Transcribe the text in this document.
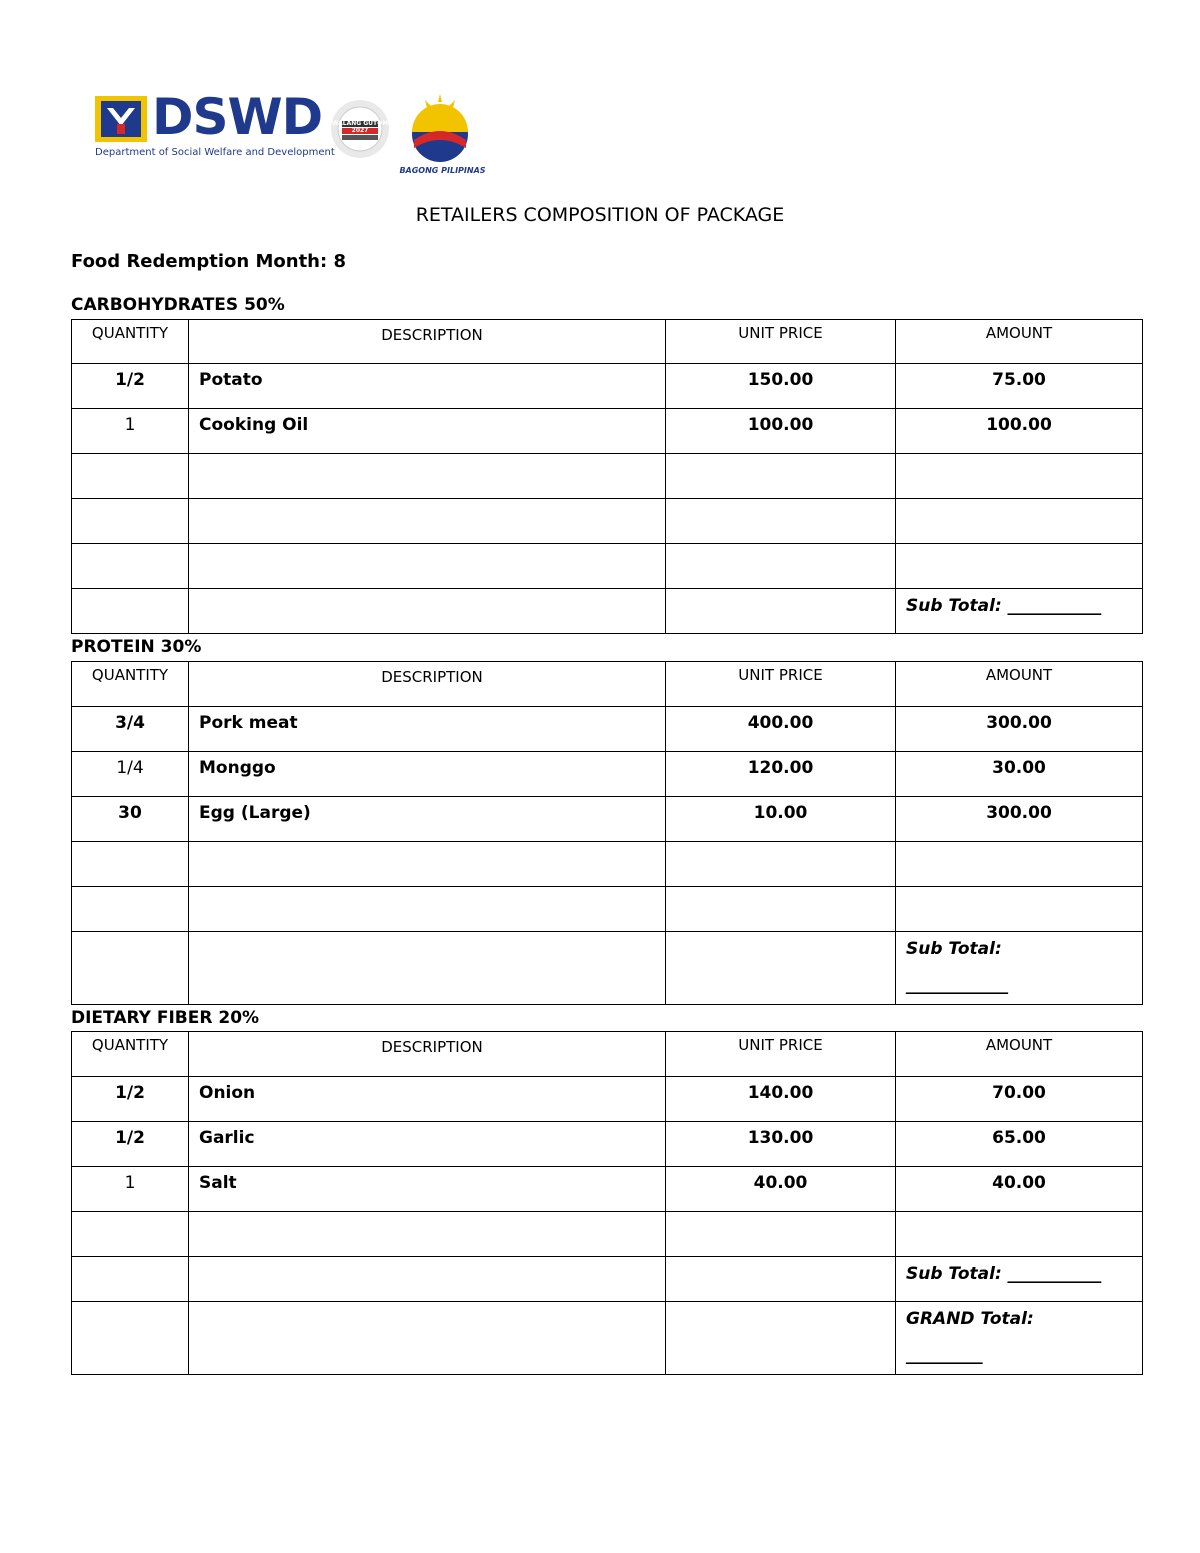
DSWD
Department of Social Welfare and Development
WALANG GUTOM 2027
BAGONG PILIPINAS
RETAILERS COMPOSITION OF PACKAGE
Food Redemption Month: 8
CARBOHYDRATES 50%
QUANTITY	DESCRIPTION	UNIT PRICE	AMOUNT
1/2	Potato	150.00	75.00
1	Cooking Oil	100.00	100.00

			Sub Total: ___________
PROTEIN 30%
QUANTITY	DESCRIPTION	UNIT PRICE	AMOUNT
3/4	Pork meat	400.00	300.00
1/4	Monggo	120.00	30.00
30	Egg (Large)	10.00	300.00

			Sub Total:
____________
DIETARY FIBER 20%
QUANTITY	DESCRIPTION	UNIT PRICE	AMOUNT
1/2	Onion	140.00	70.00
1/2	Garlic	130.00	65.00
1	Salt	40.00	40.00

			Sub Total: ___________

			GRAND Total:
_________
